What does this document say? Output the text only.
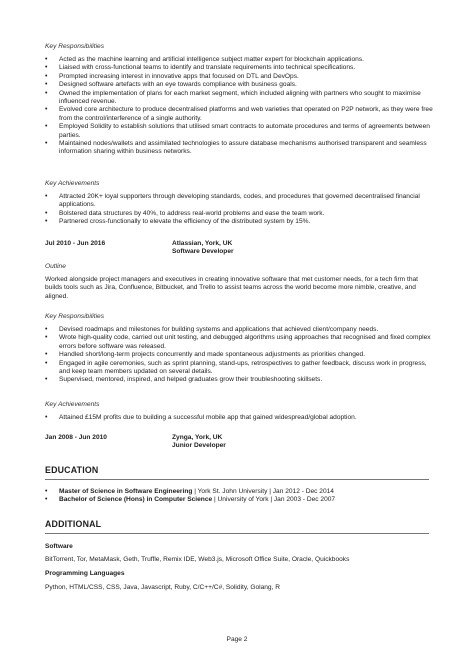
Key Responsibilities
• Acted as the machine learning and artificial intelligence subject matter expert for blockchain applications.
• Liaised with cross-functional teams to identify and translate requirements into technical specifications.
• Prompted increasing interest in innovative apps that focused on DTL and DevOps.
• Designed software artefacts with an eye towards compliance with business goals.
• Owned the implementation of plans for each market segment, which included aligning with partners who sought to maximise influenced revenue.
• Evolved core architecture to produce decentralised platforms and web varieties that operated on P2P network, as they were free from the control/interference of a single authority.
• Employed Solidity to establish solutions that utilised smart contracts to automate procedures and terms of agreements between parties.
• Maintained nodes/wallets and assimilated technologies to assure database mechanisms authorised transparent and seamless information sharing within business networks.
Key Achievements
• Attracted 20K+ loyal supporters through developing standards, codes, and procedures that governed decentralised financial applications.
• Bolstered data structures by 40%, to address real-world problems and ease the team work.
• Partnered cross-functionally to elevate the efficiency of the distributed system by 15%.
Jul 2010 - Jun 2016	Atlassian, York, UK
Software Developer
Outline
Worked alongside project managers and executives in creating innovative software that met customer needs, for a tech firm that builds tools such as Jira, Confluence, Bitbucket, and Trello to assist teams across the world become more nimble, creative, and aligned.
Key Responsibilities
• Devised roadmaps and milestones for building systems and applications that achieved client/company needs.
• Wrote high-quality code, carried out unit testing, and debugged algorithms using approaches that recognised and fixed complex errors before software was released.
• Handled short/long-term projects concurrently and made spontaneous adjustments as priorities changed.
• Engaged in agile ceremonies, such as sprint planning, stand-ups, retrospectives to gather feedback, discuss work in progress, and keep team members updated on several details.
• Supervised, mentored, inspired, and helped graduates grow their troubleshooting skillsets.
Key Achievements
• Attained £15M profits due to building a successful mobile app that gained widespread/global adoption.
Jan 2008 - Jun 2010	Zynga, York, UK
Junior Developer
EDUCATION
• Master of Science in Software Engineering | York St. John University | Jan 2012 - Dec 2014
• Bachelor of Science (Hons) in Computer Science | University of York | Jan 2003 - Dec 2007
ADDITIONAL
Software
BitTorrent, Tor, MetaMask, Geth, Truffle, Remix IDE, Web3.js, Microsoft Office Suite, Oracle, Quickbooks
Programming Languages
Python, HTML/CSS, CSS, Java, Javascript, Ruby, C/C++/C#, Solidity, Golang, R
Page 2
